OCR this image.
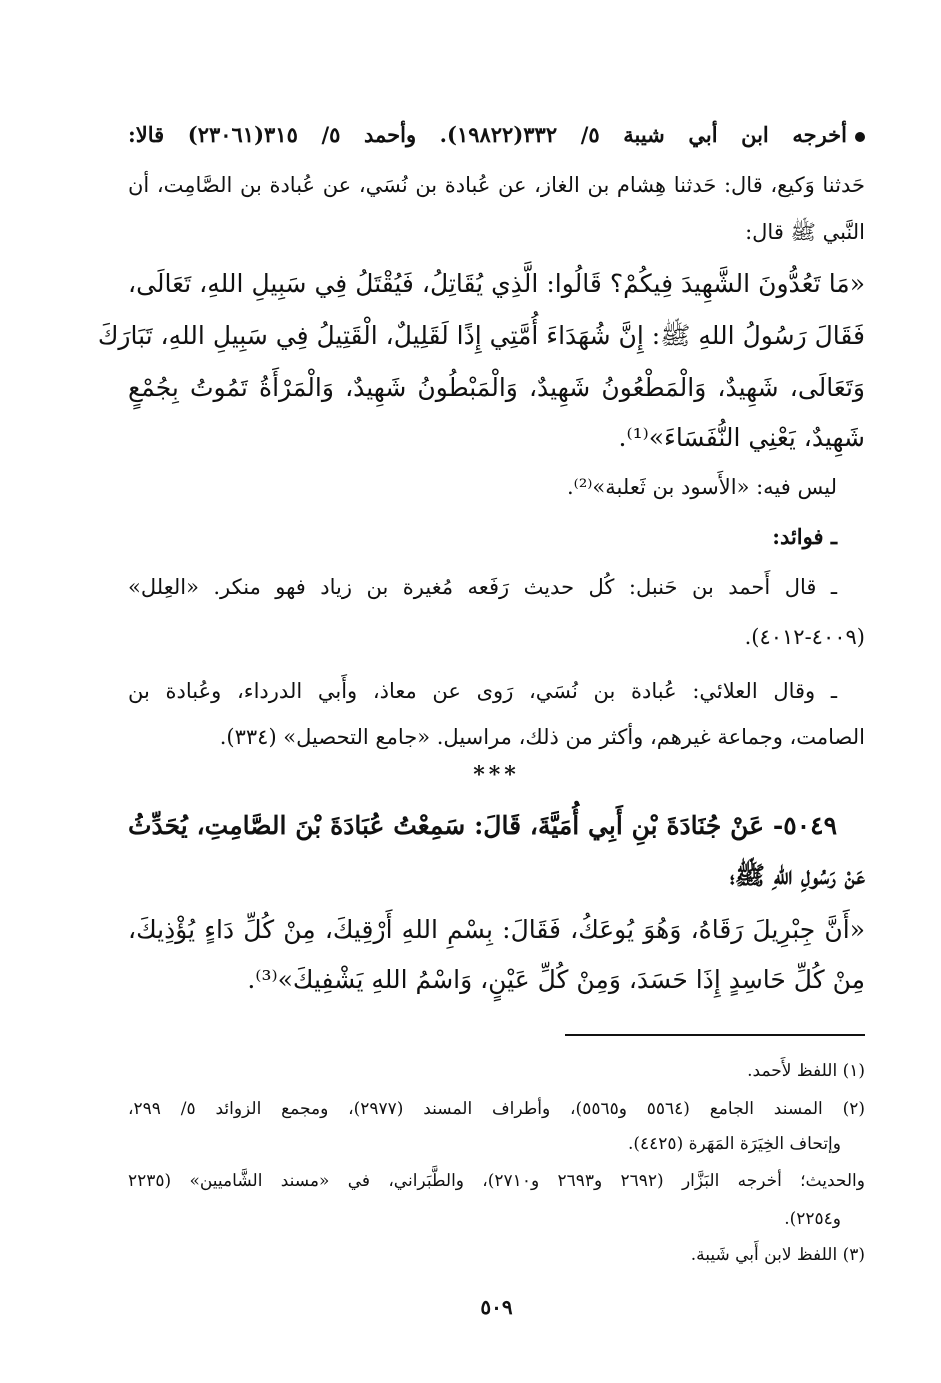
أخرجه ابن أبي شيبة ٥/ ٣٣٢(١٩٨٢٢). وأحمد ٥/ ٣١٥(٢٣٠٦١) قالا:
حَدثنا وَكيع، قال: حَدثنا هِشام بن الغاز، عن عُبادة بن نُسَي، عن عُبادة بن الصَّامِت، أن
النَّبي ﷺ قال:
«مَا تَعُدُّونَ الشَّهِيدَ فِيكُمْ؟ قَالُوا: الَّذِي يُقَاتِلُ، فَيُقْتَلُ فِي سَبِيلِ اللهِ، تَعَالَى،
فَقَالَ رَسُولُ اللهِ ﷺ: إِنَّ شُهَدَاءَ أُمَّتِي إِذًا لَقَلِيلٌ، الْقَتِيلُ فِي سَبِيلِ اللهِ، تَبَارَكَ
وَتَعَالَى، شَهِيدٌ، وَالْمَطْعُونُ شَهِيدٌ، وَالْمَبْطُونُ شَهِيدٌ، وَالْمَرْأَةُ تَمُوتُ بِجُمْعٍ
شَهِيدٌ، يَعْنِي النُّفَسَاءَ»⁽¹⁾.
ليس فيه: «الأَسود بن ثَعلبة»⁽²⁾.
ـ فوائد:
ـ قال أَحمد بن حَنبل: كُل حديث رَفَعه مُغيرة بن زياد فهو منكر. «العِلل»
(٤٠٠٩-٤٠١٢).
ـ وقال العلائي: عُبادة بن نُسَي، رَوى عن معاذ، وأَبي الدرداء، وعُبادة بن
الصامت، وجماعة غيرهم، وأكثر من ذلك، مراسيل. «جامع التحصيل» (٣٣٤).
***
٥٠٤٩- عَنْ جُنَادَةَ بْنِ أَبِي أُمَيَّةَ، قَالَ: سَمِعْتُ عُبَادَةَ بْنَ الصَّامِتِ، يُحَدِّثُ
عَنْ رَسُولِ اللهِ ﷺ؛
«أَنَّ جِبْرِيلَ رَقَاهُ، وَهُوَ يُوعَكُ، فَقَالَ: بِسْمِ اللهِ أَرْقِيكَ، مِنْ كُلِّ دَاءٍ يُؤْذِيكَ،
مِنْ كُلِّ حَاسِدٍ إِذَا حَسَدَ، وَمِنْ كُلِّ عَيْنٍ، وَاسْمُ اللهِ يَشْفِيكَ»⁽³⁾.
(١) اللفظ لأَحمد.
(٢) المسند الجامع (٥٥٦٤ و٥٥٦٥)، وأطراف المسند (٢٩٧٧)، ومجمع الزوائد ٥/ ٢٩٩،
وإتحاف الخِيَرَة المَهَرة (٤٤٢٥).
والحديث؛ أخرجه البَزَّار (٢٦٩٢ و٢٦٩٣ و٢٧١٠)، والطَّبَراني، في «مسند الشَّاميين» (٢٢٣٥
و٢٢٥٤).
(٣) اللفظ لابن أَبي شَيبة.
٥٠٩
